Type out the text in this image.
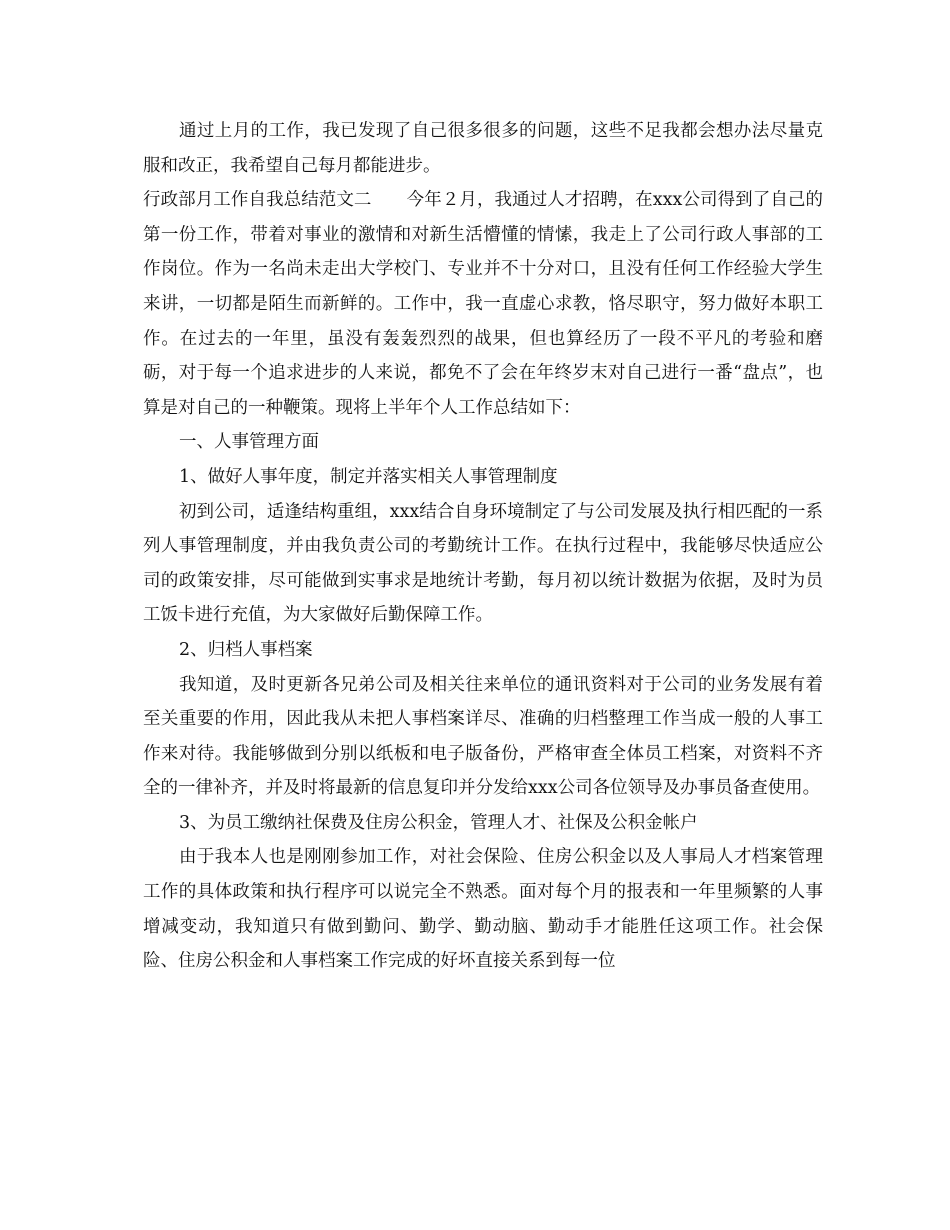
通过上月的工作，我已发现了自己很多很多的问题，这些不足我都会想办法尽量克服和改正，我希望自己每月都能进步。

行政部月工作自我总结范文二　　今年２月，我通过人才招聘，在xxx公司得到了自己的第一份工作，带着对事业的激情和对新生活懵懂的情愫，我走上了公司行政人事部的工作岗位。作为一名尚未走出大学校门、专业并不十分对口，且没有任何工作经验大学生来讲，一切都是陌生而新鲜的。工作中，我一直虚心求教，恪尽职守，努力做好本职工作。在过去的一年里，虽没有轰轰烈烈的战果，但也算经历了一段不平凡的考验和磨砺，对于每一个追求进步的人来说，都免不了会在年终岁末对自己进行一番“盘点”，也算是对自己的一种鞭策。现将上半年个人工作总结如下：

一、人事管理方面

1、做好人事年度，制定并落实相关人事管理制度

初到公司，适逢结构重组，xxx结合自身环境制定了与公司发展及执行相匹配的一系列人事管理制度，并由我负责公司的考勤统计工作。在执行过程中，我能够尽快适应公司的政策安排，尽可能做到实事求是地统计考勤，每月初以统计数据为依据，及时为员工饭卡进行充值，为大家做好后勤保障工作。

2、归档人事档案

我知道，及时更新各兄弟公司及相关往来单位的通讯资料对于公司的业务发展有着至关重要的作用，因此我从未把人事档案详尽、准确的归档整理工作当成一般的人事工作来对待。我能够做到分别以纸板和电子版备份，严格审查全体员工档案，对资料不齐全的一律补齐，并及时将最新的信息复印并分发给xxx公司各位领导及办事员备查使用。

3、为员工缴纳社保费及住房公积金，管理人才、社保及公积金帐户

由于我本人也是刚刚参加工作，对社会保险、住房公积金以及人事局人才档案管理工作的具体政策和执行程序可以说完全不熟悉。面对每个月的报表和一年里频繁的人事增减变动，我知道只有做到勤问、勤学、勤动脑、勤动手才能胜任这项工作。社会保险、住房公积金和人事档案工作完成的好坏直接关系到每一位
